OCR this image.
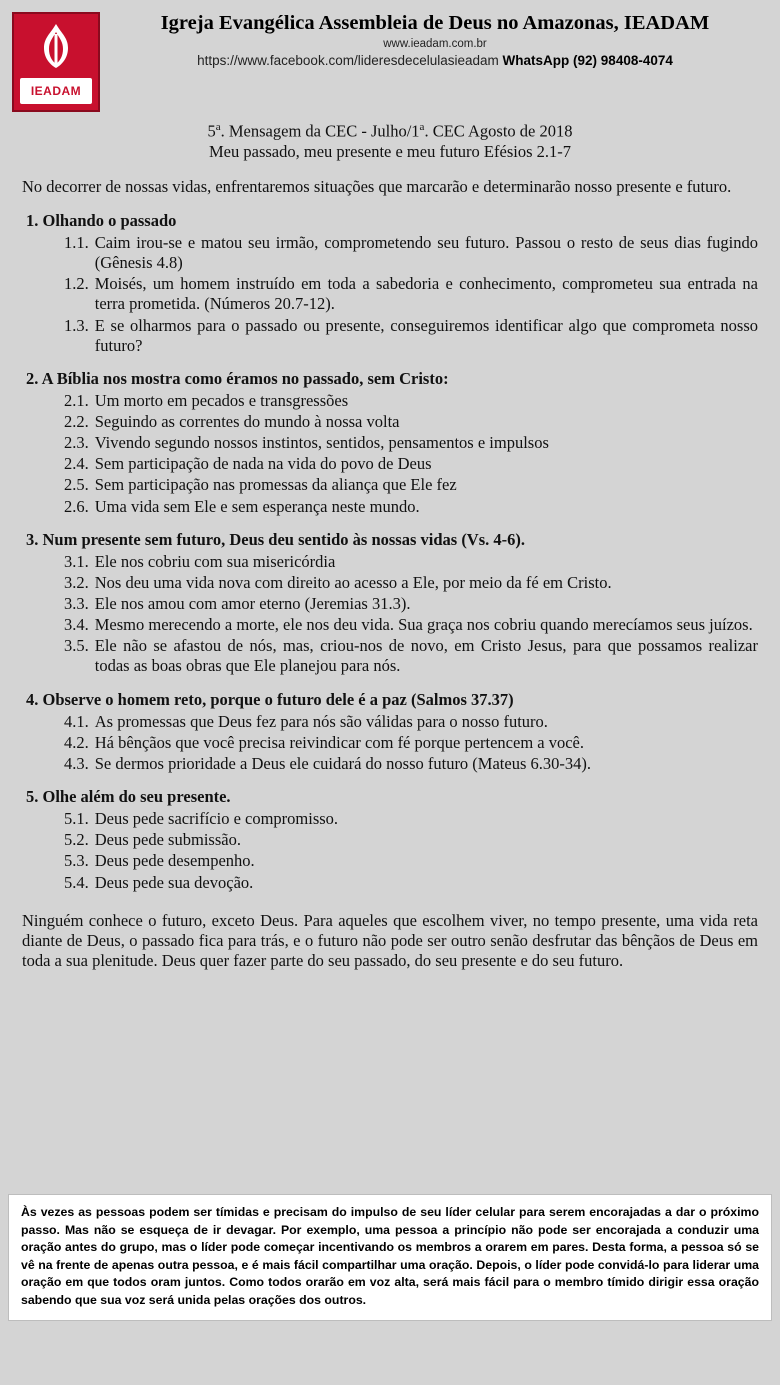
IEADAM
Igreja Evangélica Assembleia de Deus no Amazonas, IEADAM
www.ieadam.com.br
https://www.facebook.com/lideresdecelulasieadam WhatsApp (92) 98408-4074
5$^a$. Mensagem da CEC - Julho/1$^a$. CEC Agosto de 2018
Meu passado, meu presente e meu futuro Efésios 2.1-7

No decorrer de nossas vidas, enfrentaremos situações que marcarão e determinarão nosso presente e futuro.

1. Olhando o passado
1.1. Caim irou-se e matou seu irmão, comprometendo seu futuro. Passou o resto de seus dias fugindo (Gênesis 4.8)
1.2. Moisés, um homem instruído em toda a sabedoria e conhecimento, comprometeu sua entrada na terra prometida. (Números 20.7-12).
1.3. E se olharmos para o passado ou presente, conseguiremos identificar algo que comprometa nosso futuro?
2. A Bíblia nos mostra como éramos no passado, sem Cristo:
2.1. Um morto em pecados e transgressões
2.2. Seguindo as correntes do mundo à nossa volta
2.3. Vivendo segundo nossos instintos, sentidos, pensamentos e impulsos
2.4. Sem participação de nada na vida do povo de Deus
2.5. Sem participação nas promessas da aliança que Ele fez
2.6. Uma vida sem Ele e sem esperança neste mundo.
3. Num presente sem futuro, Deus deu sentido às nossas vidas (Vs. 4-6).
3.1. Ele nos cobriu com sua misericórdia
3.2. Nos deu uma vida nova com direito ao acesso a Ele, por meio da fé em Cristo.
3.3. Ele nos amou com amor eterno (Jeremias 31.3).
3.4. Mesmo merecendo a morte, ele nos deu vida. Sua graça nos cobriu quando merecíamos seus juízos.
3.5. Ele não se afastou de nós, mas, criou-nos de novo, em Cristo Jesus, para que possamos realizar todas as boas obras que Ele planejou para nós.
4. Observe o homem reto, porque o futuro dele é a paz (Salmos 37.37)
4.1. As promessas que Deus fez para nós são válidas para o nosso futuro.
4.2. Há bênçãos que você precisa reivindicar com fé porque pertencem a você.
4.3. Se dermos prioridade a Deus ele cuidará do nosso futuro (Mateus 6.30-34).
5. Olhe além do seu presente.
5.1. Deus pede sacrifício e compromisso.
5.2. Deus pede submissão.
5.3. Deus pede desempenho.
5.4. Deus pede sua devoção.

Ninguém conhece o futuro, exceto Deus. Para aqueles que escolhem viver, no tempo presente, uma vida reta diante de Deus, o passado fica para trás, e o futuro não pode ser outro senão desfrutar das bênçãos de Deus em toda a sua plenitude. Deus quer fazer parte do seu passado, do seu presente e do seu futuro.

Às vezes as pessoas podem ser tímidas e precisam do impulso de seu líder celular para serem encorajadas a dar o próximo passo. Mas não se esqueça de ir devagar. Por exemplo, uma pessoa a princípio não pode ser encorajada a conduzir uma oração antes do grupo, mas o líder pode começar incentivando os membros a orarem em pares. Desta forma, a pessoa só se vê na frente de apenas outra pessoa, e é mais fácil compartilhar uma oração. Depois, o líder pode convidá-lo para liderar uma oração em que todos oram juntos. Como todos orarão em voz alta, será mais fácil para o membro tímido dirigir essa oração sabendo que sua voz será unida pelas orações dos outros.
